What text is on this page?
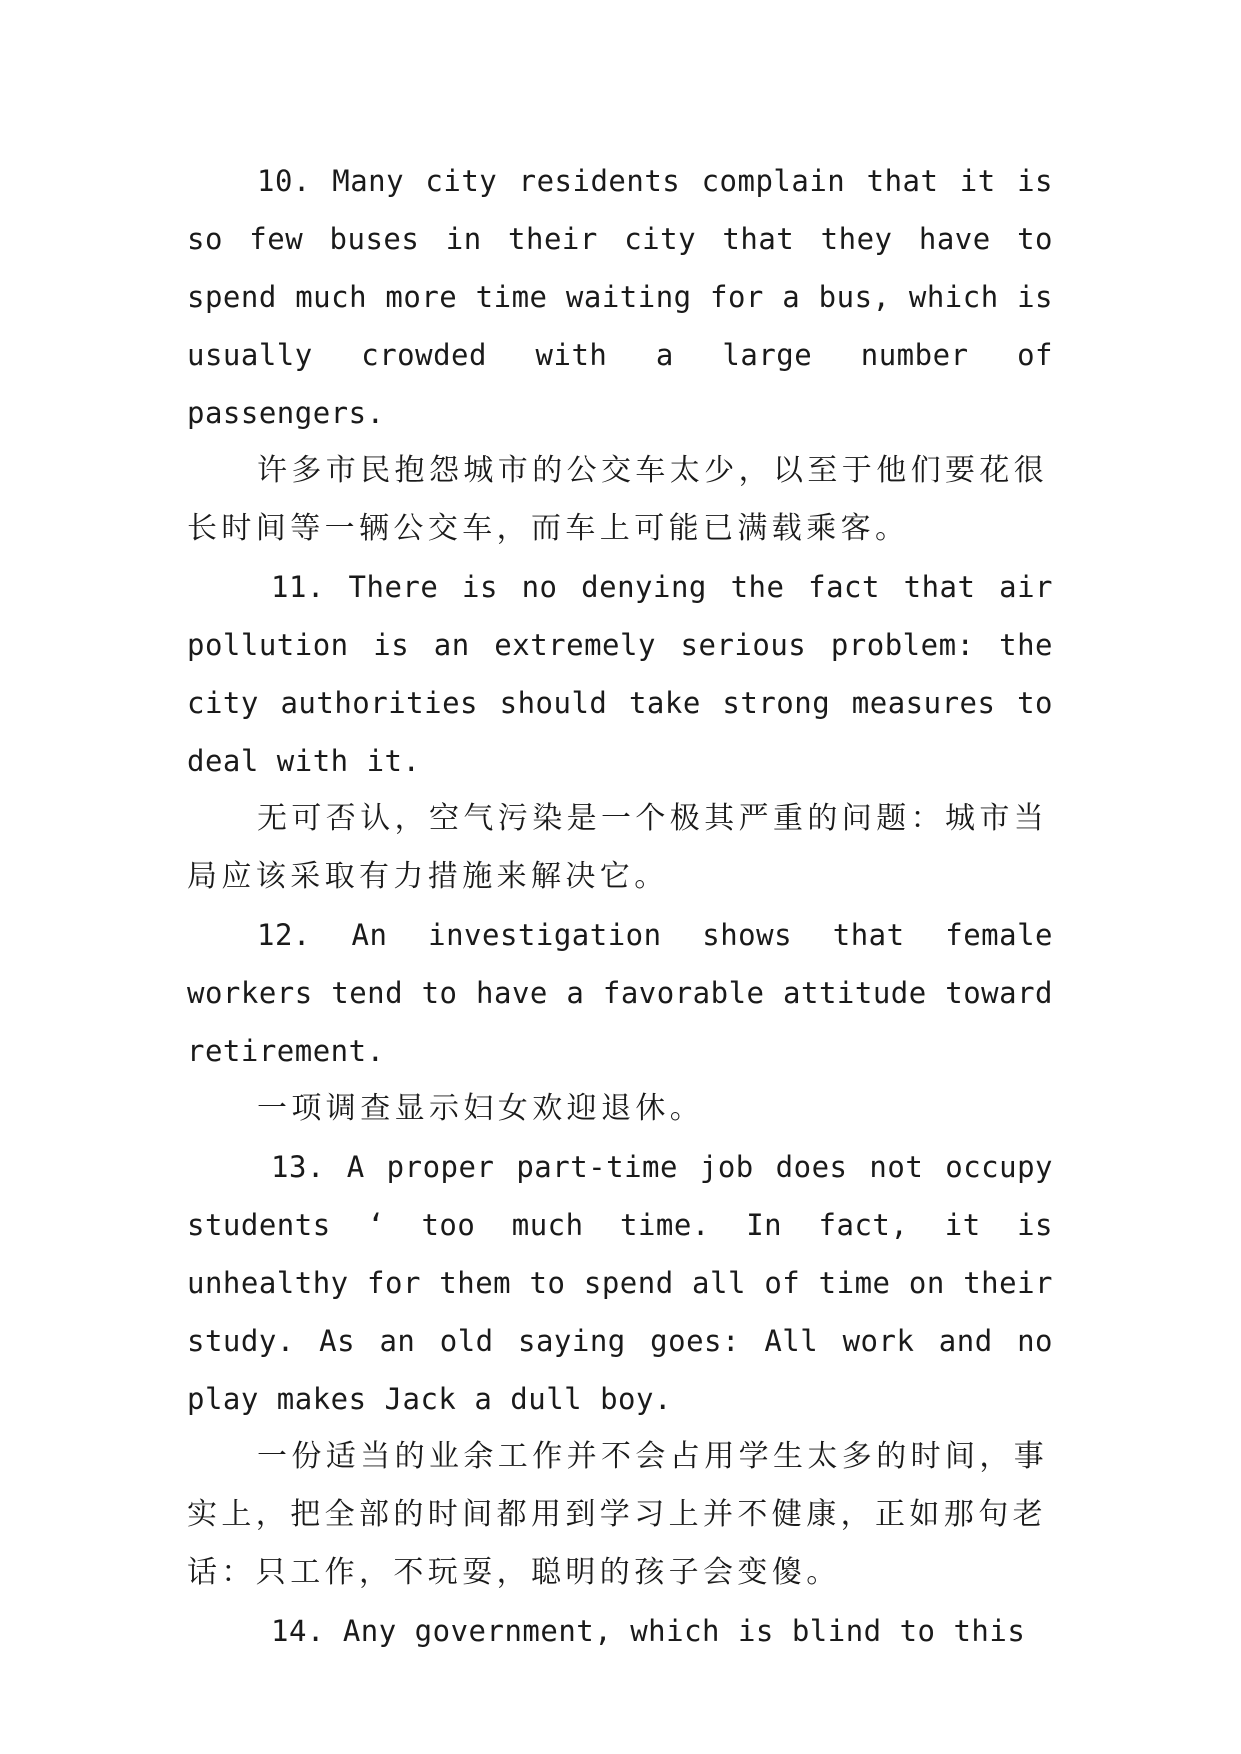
10. Many city residents complain that it is so few buses in their city that they have to spend much more time waiting for a bus, which is usually crowded with a large number of passengers.

许多市民抱怨城市的公交车太少，以至于他们要花很长时间等一辆公交车，而车上可能已满载乘客。

11. There is no denying the fact that air pollution is an extremely serious problem: the city authorities should take strong measures to deal with it.

无可否认，空气污染是一个极其严重的问题：城市当局应该采取有力措施来解决它。

12. An investigation shows that female workers tend to have a favorable attitude toward retirement.

一项调查显示妇女欢迎退休。

13. A proper part-time job does not occupy students ‘ too much time. In fact, it is unhealthy for them to spend all of time on their study. As an old saying goes: All work and no play makes Jack a dull boy.

一份适当的业余工作并不会占用学生太多的时间，事实上，把全部的时间都用到学习上并不健康，正如那句老话：只工作，不玩耍，聪明的孩子会变傻。

14. Any government, which is blind to this
